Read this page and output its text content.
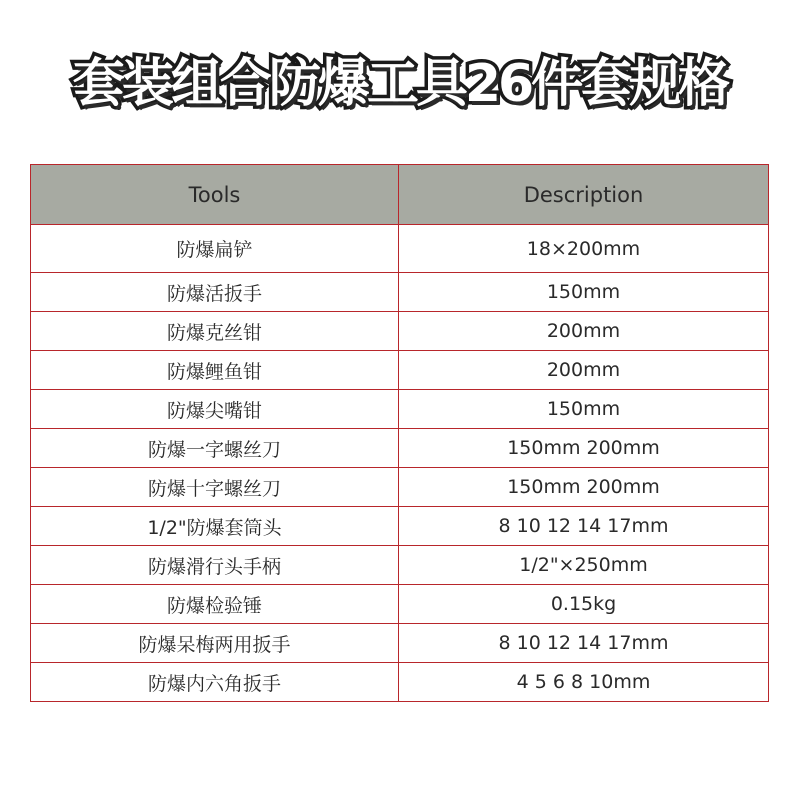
套装组合防爆工具26件套规格
Tools	Description
防爆扁铲	18×200mm
防爆活扳手	150mm
防爆克丝钳	200mm
防爆鲤鱼钳	200mm
防爆尖嘴钳	150mm
防爆一字螺丝刀	150mm 200mm
防爆十字螺丝刀	150mm 200mm
1/2"防爆套筒头	8 10 12 14 17mm
防爆滑行头手柄	1/2"×250mm
防爆检验锤	0.15kg
防爆呆梅两用扳手	8 10 12 14 17mm
防爆内六角扳手	4 5 6 8 10mm
